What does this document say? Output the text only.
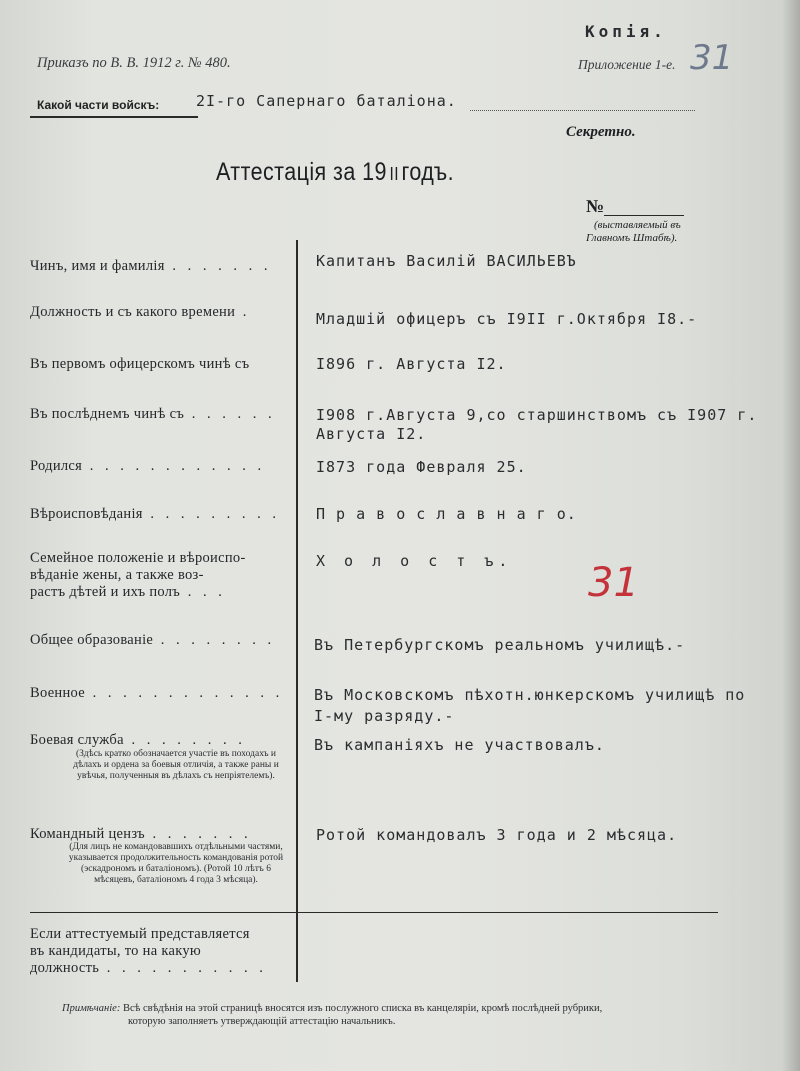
Копія.
Приказъ по В. В. 1912 г. № 480.	Приложение 1-е. 31
Какой части войскъ: 2I-го Сапернаго баталіона.
Секретно.
Аттестація за 19 II годъ.
№
(выставляемый въ
Главномъ Штабѣ).
Чинъ, имя и фамилія . . . . . . .	Капитанъ Василій ВАСИЛЬЕВЪ
Должность и съ какого времени .	Младшій офицеръ съ I9II г.Октября I8.-
Въ первомъ офицерскомъ чинѣ съ	I896 г. Августа I2.
Въ послѣднемъ чинѣ съ . . . . . .	I908 г.Августа 9,со старшинствомъ съ I907 г.
Августа I2.
Родился . . . . . . . . . . . .	I873 года Февраля 25.
Вѣроисповѣданія . . . . . . . . . П р а в о с л а в н а г о.
Семейное положеніе и вѣроиспо-
вѣданіе жены, а также воз-
растъ дѣтей и ихъ полъ . . .
Х о л о с т ъ. 31
Общее образованіе . . . . . . . .	Въ Петербургскомъ реальномъ училищѣ.-
Военное . . . . . . . . . . . . . Въ Московскомъ пѣхотн.юнкерскомъ училищѣ по
I-му разряду.-
Боевая служба . . . . . . . .
(Здѣсь кратко обозначается участіе въ походахъ и дѣлахъ и ордена за боевыя отличія, а также раны и увѣчья, полученныя въ дѣлахъ съ непріятелемъ).
Въ кампаніяхъ не участвовалъ.
Командный цензъ . . . . . . .
(Для лицъ не командовавшихъ отдѣльными частями, указывается продолжительность командованія ротой (эскадрономъ и баталіономъ). (Ротой 10 лѣтъ 6 мѣсяцевъ, баталіономъ 4 года 3 мѣсяца).
Ротой командовалъ 3 года и 2 мѣсяца.
Если аттестуемый представляется
въ кандидаты, то на какую
должность . . . . . . . . . . .
Примѣчаніе: Всѣ свѣдѣнія на этой страницѣ вносятся изъ послужного списка въ канцеляріи, кромѣ послѣдней рубрики,
которую заполняетъ утверждающій аттестацію начальникъ.
